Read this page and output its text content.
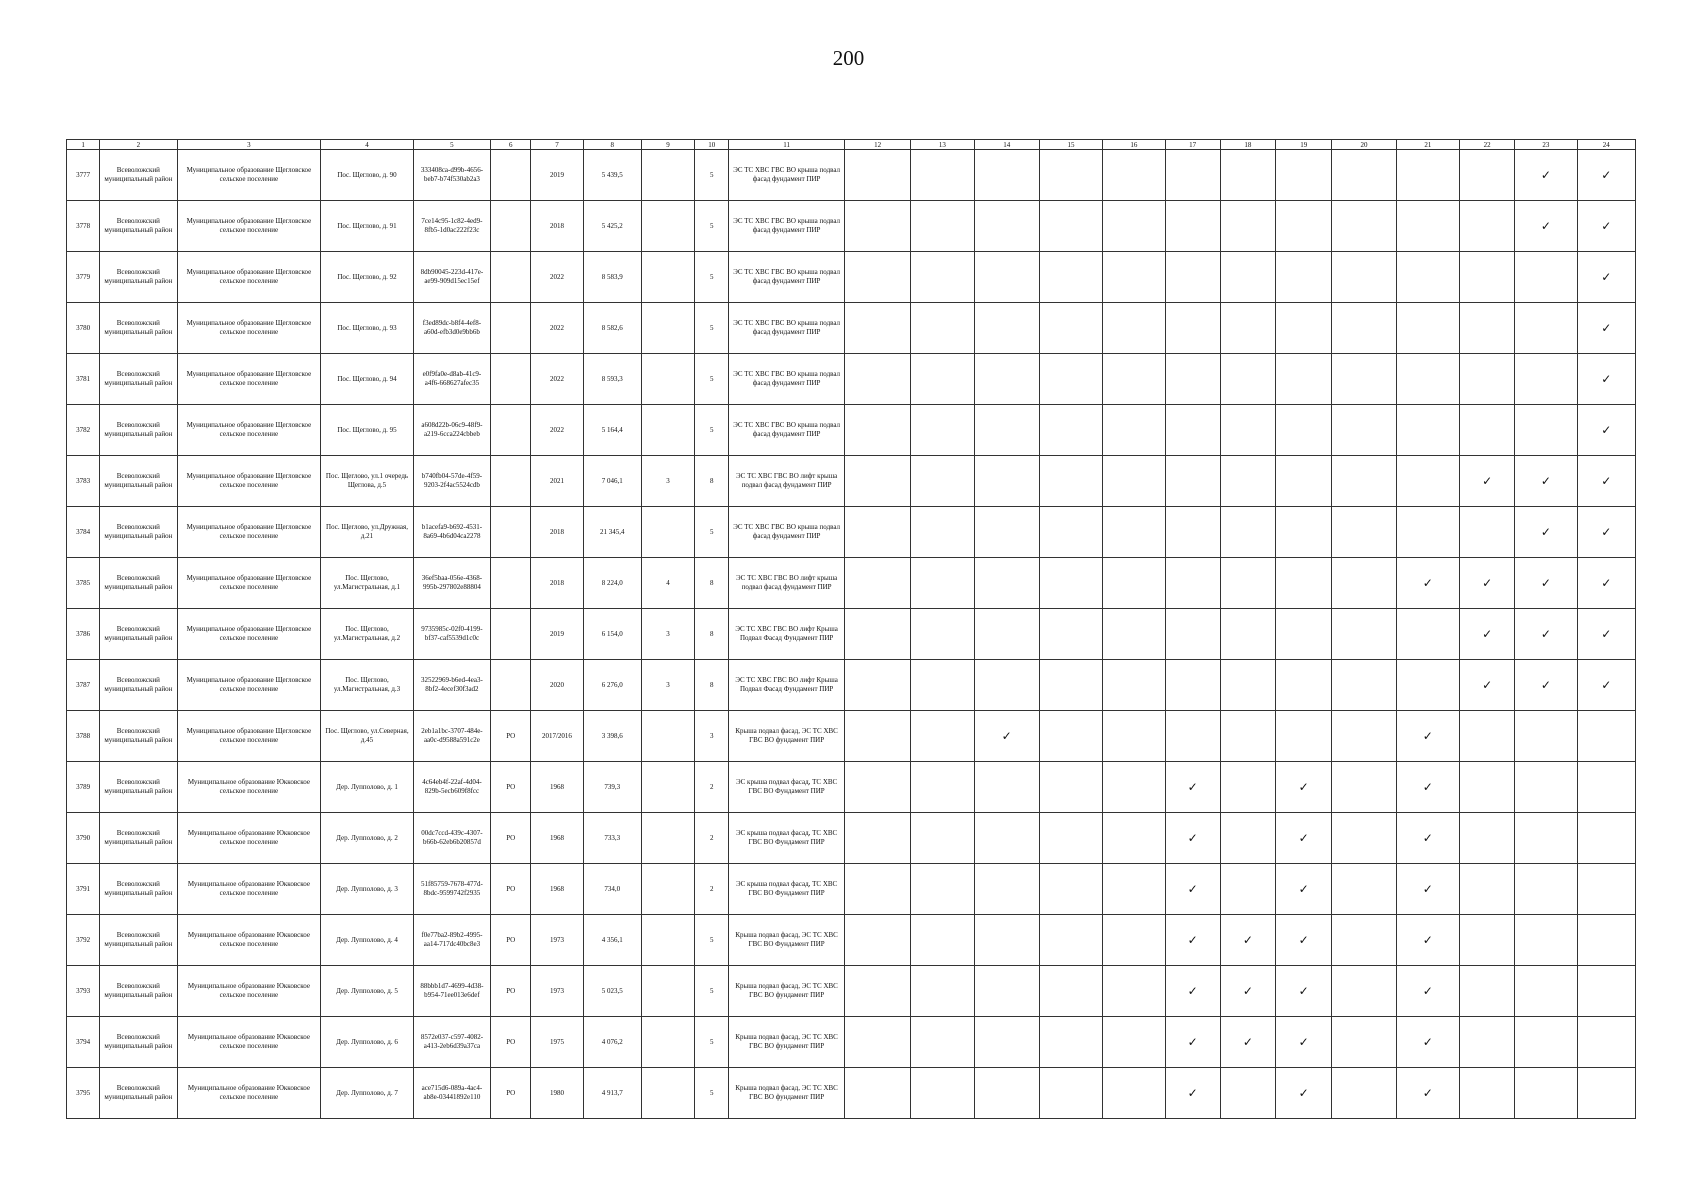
200
1	2	3	4	5	6	7	8	9	10	11	12	13	14	15	16	17	18	19	20	21	22	23	24
3777	Всеволожский муниципальный район	Муниципальное образование Щегловское сельское поселение	Пос. Щеглово, д. 90	333408ca-d99b-4656-beb7-b74f530ab2a3		2019	5 439,5		5	ЭС ТС ХВС ГВС ВО крыша подвал фасад фундамент ПИР												✓	✓
3778	Всеволожский муниципальный район	Муниципальное образование Щегловское сельское поселение	Пос. Щеглово, д. 91	7ce14c95-1c82-4ed9-8fb5-1d0ac222f23c		2018	5 425,2		5	ЭС ТС ХВС ГВС ВО крыша подвал фасад фундамент ПИР												✓	✓
3779	Всеволожский муниципальный район	Муниципальное образование Щегловское сельское поселение	Пос. Щеглово, д. 92	8db90045-223d-417e-ae99-909d15ec15ef		2022	8 583,9		5	ЭС ТС ХВС ГВС ВО крыша подвал фасад фундамент ПИР													✓
3780	Всеволожский муниципальный район	Муниципальное образование Щегловское сельское поселение	Пос. Щеглово, д. 93	f3ed89dc-b8f4-4ef8-a60d-efb3d0e9bb6b		2022	8 582,6		5	ЭС ТС ХВС ГВС ВО крыша подвал фасад фундамент ПИР													✓
3781	Всеволожский муниципальный район	Муниципальное образование Щегловское сельское поселение	Пос. Щеглово, д. 94	e0f9fa0e-d8ab-41c9-a4f6-668627afec35		2022	8 593,3		5	ЭС ТС ХВС ГВС ВО крыша подвал фасад фундамент ПИР													✓
3782	Всеволожский муниципальный район	Муниципальное образование Щегловское сельское поселение	Пос. Щеглово, д. 95	a608d22b-06c9-48f9-a219-6cca224cbbeb		2022	5 164,4		5	ЭС ТС ХВС ГВС ВО крыша подвал фасад фундамент ПИР													✓
3783	Всеволожский муниципальный район	Муниципальное образование Щегловское сельское поселение	Пос. Щеглово, ул.1 очередь Щеглова, д.5	b740fb04-57de-4f59-9203-2f4ac5524cdb		2021	7 046,1	3	8	ЭС ТС ХВС ГВС ВО лифт крыша подвал фасад фундамент ПИР											✓	✓	✓
3784	Всеволожский муниципальный район	Муниципальное образование Щегловское сельское поселение	Пос. Щеглово, ул.Дружная, д.21	b1acefa9-b692-4531-8a69-4b6d04ca2278		2018	21 345,4		5	ЭС ТС ХВС ГВС ВО крыша подвал фасад фундамент ПИР												✓	✓
3785	Всеволожский муниципальный район	Муниципальное образование Щегловское сельское поселение	Пос. Щеглово, ул.Магистральная, д.1	36ef5baa-056e-4368-995b-297802e88804		2018	8 224,0	4	8	ЭС ТС ХВС ГВС ВО лифт крыша подвал фасад фундамент ПИР										✓	✓	✓	✓
3786	Всеволожский муниципальный район	Муниципальное образование Щегловское сельское поселение	Пос. Щеглово, ул.Магистральная, д.2	9735985c-02f0-4199-bf37-caf5539d1c0c		2019	6 154,0	3	8	ЭС ТС ХВС ГВС ВО лифт Крыша Подвал Фасад Фундамент ПИР											✓	✓	✓
3787	Всеволожский муниципальный район	Муниципальное образование Щегловское сельское поселение	Пос. Щеглово, ул.Магистральная, д.3	32522969-b6ed-4ea3-8bf2-4ecef30f3ad2		2020	6 276,0	3	8	ЭС ТС ХВС ГВС ВО лифт Крыша Подвал Фасад Фундамент ПИР											✓	✓	✓
3788	Всеволожский муниципальный район	Муниципальное образование Щегловское сельское поселение	Пос. Щеглово, ул.Северная, д.45	2eb1a1bc-3707-484e-aa0c-d9588a591c2e	РО	2017/2016	3 398,6		3	Крыша подвал фасад, ЭС ТС ХВС ГВС ВО фундамент ПИР			✓							✓			
3789	Всеволожский муниципальный район	Муниципальное образование Юкковское сельское поселение	Дер. Лупполово, д. 1	4c64eb4f-22af-4d04-829b-5ecb609f8fcc	РО	1968	739,3		2	ЭС крыша подвал фасад, ТС ХВС ГВС ВО Фундамент ПИР						✓		✓		✓			
3790	Всеволожский муниципальный район	Муниципальное образование Юкковское сельское поселение	Дер. Лупполово, д. 2	00dc7ccd-439c-4307-b66b-62eb6b20857d	РО	1968	733,3		2	ЭС крыша подвал фасад, ТС ХВС ГВС ВО Фундамент ПИР						✓		✓		✓			
3791	Всеволожский муниципальный район	Муниципальное образование Юкковское сельское поселение	Дер. Лупполово, д. 3	51f85759-7678-477d-8bdc-9599742f2935	РО	1968	734,0		2	ЭС крыша подвал фасад, ТС ХВС ГВС ВО Фундамент ПИР						✓		✓		✓			
3792	Всеволожский муниципальный район	Муниципальное образование Юкковское сельское поселение	Дер. Лупполово, д. 4	f0e77ba2-89b2-4995-aa14-717dc40bc8e3	РО	1973	4 356,1		5	Крыша подвал фасад, ЭС ТС ХВС ГВС ВО Фундамент ПИР						✓	✓	✓		✓			
3793	Всеволожский муниципальный район	Муниципальное образование Юкковское сельское поселение	Дер. Лупполово, д. 5	88bbb1d7-4699-4d38-b954-71ee013e6def	РО	1973	5 023,5		5	Крыша подвал фасад, ЭС ТС ХВС ГВС ВО фундамент ПИР						✓	✓	✓		✓			
3794	Всеволожский муниципальный район	Муниципальное образование Юкковское сельское поселение	Дер. Лупполово, д. 6	8572e037-c597-4082-a413-2eb6d39a37ca	РО	1975	4 076,2		5	Крыша подвал фасад, ЭС ТС ХВС ГВС ВО фундамент ПИР						✓	✓	✓		✓			
3795	Всеволожский муниципальный район	Муниципальное образование Юкковское сельское поселение	Дер. Лупполово, д. 7	ace715d6-089a-4ac4-ab8e-03441892e110	РО	1980	4 913,7		5	Крыша подвал фасад, ЭС ТС ХВС ГВС ВО фундамент ПИР						✓		✓		✓			
